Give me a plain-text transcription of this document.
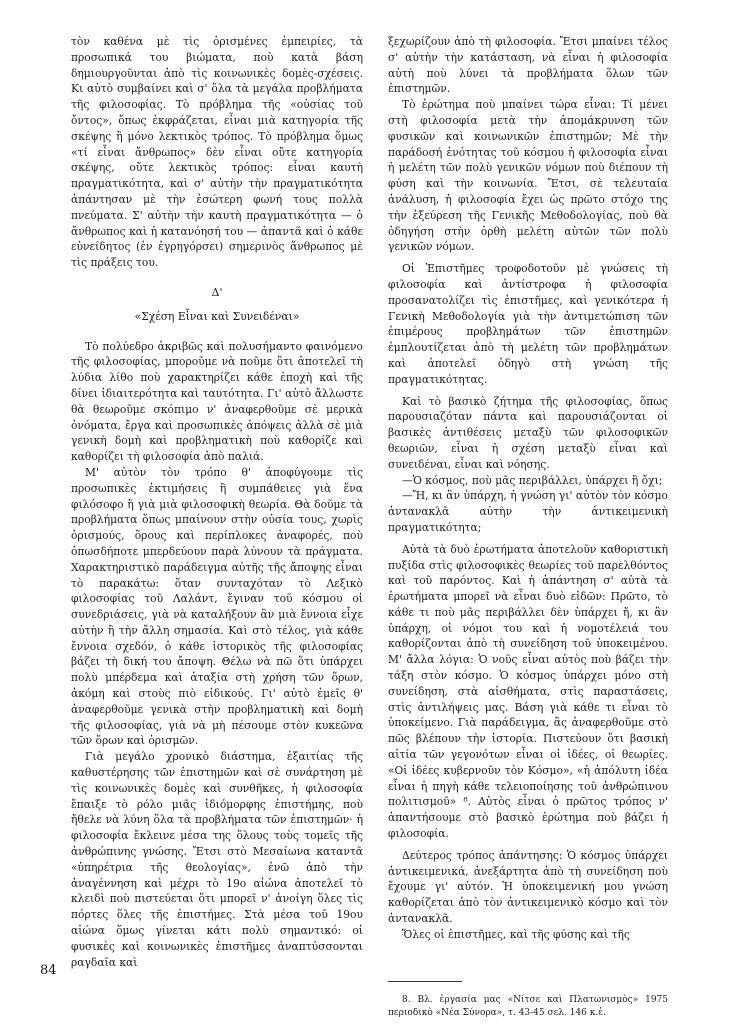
τὸν καθένα μὲ τὶς ὁρισμένες ἐμπειρίες, τὰ προσωπικά του βιώματα, ποὺ κατὰ βάση δημιουργοῦνται ἀπὸ τὶς κοινωνικὲς δομὲς-σχέσεις. Κι αὐτὸ συμβαίνει καὶ σ' ὅλα τὰ μεγάλα προβλήματα τῆς φιλοσοφίας. Τὸ πρόβλημα τῆς «οὐσίας τοῦ ὄντος», ὅπως ἐκφράζεται, εἶναι μιὰ κατηγορία τῆς σκέψης ἢ μόνο λεκτικὸς τρόπος. Τὸ πρόβλημα ὅμως «τί εἶναι ἄνθρωπος» δὲν εἶναι οὔτε κατηγορία σκέψης, οὔτε λεκτικὸς τρόπος: εἶναι καυτὴ πραγματικότητα, καὶ σ' αὐτὴν τὴν πραγματικότητα ἀπάντησαν μὲ τὴν ἐσώτερη φωνή τους πολλὰ πνεύματα. Σ' αὐτὴν τὴν καυτὴ πραγματικότητα — ὁ ἄνθρωπος καὶ ἡ κατανόησή του — ἀπαντᾶ καὶ ὁ κάθε εὐνείδητος (ἐν ἐγρηγόρσει) σημερινὸς ἄνθρωπος μὲ τὶς πράξεις του.

Δ'
«Σχέση Εἶναι καὶ Συνειδέναι»

Τὸ πολύεδρο ἀκριβῶς καὶ πολυσήμαντο φαινόμενο τῆς φιλοσοφίας, μποροῦμε νὰ ποῦμε ὅτι ἀποτελεῖ τὴ λύδια λίθο ποὺ χαρακτηρίζει κάθε ἐποχὴ καὶ τῆς δίνει ἰδιαιτερότητα καὶ ταυτότητα. Γι' αὐτὸ ἄλλωστε θὰ θεωροῦμε σκόπιμο ν' ἀναφερθοῦμε σὲ μερικὰ ὀνόματα, ἔργα καὶ προσωπικὲς ἀπόψεις ἀλλὰ σὲ μιὰ γενικὴ δομὴ καὶ προβληματικὴ ποὺ καθορίζε καὶ καθορίζει τὴ φιλοσοφία ἀπὸ παλιά.

Μ' αὐτὸν τὸν τρόπο θ' ἀποφύγουμε τὶς προσωπικὲς ἐκτιμήσεις ἢ συμπάθειες γιὰ ἕνα φιλόσοφο ἢ γιὰ μιὰ φιλοσοφικὴ θεωρία. Θὰ δοῦμε τὰ προβλήματα ὅπως μπαίνουν στὴν οὐσία τους, χωρὶς ὁρισμούς, ὅρους καὶ περίπλοκες ἀναφορές, ποὺ ὁπωσδήποτε μπερδεύουν παρὰ λύνουν τὰ πράγματα. Χαρακτηριστικὸ παράδειγμα αὐτῆς τῆς ἄποψης εἶναι τὸ παρακάτω: ὅταν συνταχόταν τὸ Λεξικὸ φιλοσοφίας τοῦ Λαλάντ, ἔγιναν τοῦ κόσμου οἱ συνεδριάσεις, γιὰ νὰ καταλήξουν ἂν μιὰ ἔννοια εἶχε αὐτὴν ἢ τὴν ἄλλη σημασία. Καὶ στὸ τέλος, γιὰ κάθε ἔννοια σχεδόν, ὁ κάθε ἱστορικὸς τῆς φιλοσοφίας βάζει τὴ δική του ἄποψη. Θέλω νὰ πῶ ὅτι ὑπάρχει πολὺ μπέρδεμα καὶ ἀταξία στὴ χρήση τῶν ὅρων, ἀκόμη καὶ στοὺς πιὸ εἰδικούς. Γι' αὐτὸ ἐμεῖς θ' ἀναφερθοῦμε γενικὰ στὴν προβληματικὴ καὶ δομὴ τῆς φιλοσοφίας, γιὰ νὰ μὴ πέσουμε στὸν κυκεῶνα τῶν ὅρων καὶ ὁρισμῶν.

Γιὰ μεγάλο χρονικὸ διάστημα, ἐξαιτίας τῆς καθυστέρησης τῶν ἐπιστημῶν καὶ σὲ συνάρτηση μὲ τὶς κοινωνικὲς δομὲς καὶ συνθῆκες, ἡ φιλοσοφία ἔπαιξε τὸ ρόλο μιᾶς ἰδιόμορφης ἐπιστήμης, ποὺ ἤθελε νὰ λύνη ὅλα τὰ προβλήματα τῶν ἐπιστημῶν· ἡ φιλοσοφία ἔκλεινε μέσα της ὅλους τοὺς τομεῖς τῆς ἀνθρώπινης γνώσης. Ἔτσι στὸ Μεσαίωνα καταντᾶ «ὑπηρέτρια τῆς θεολογίας», ἐνῶ ἀπὸ τὴν ἀναγέννηση καὶ μέχρι τὸ 19ο αἰώνα ἀποτελεῖ τὸ κλειδὶ ποὺ πιστεύεται ὅτι μπορεῖ ν' ἀνοίγη ὅλες τὶς πόρτες ὅλες τῆς ἐπιστήμες. Στὰ μέσα τοῦ 19ου αἰώνα ὅμως γίνεται κάτι πολὺ σημαντικό: οἱ φυσικὲς καὶ κοινωνικὲς ἐπιστῆμες ἀναπτύσσονται ραγδαῖα καὶ

ξεχωρίζουν ἀπὸ τὴ φιλοσοφία. Ἔτσι μπαίνει τέλος σ' αὐτὴν τὴν κατάσταση, νὰ εἶναι ἡ φιλοσοφία αὐτὴ ποὺ λύνει τὰ προβλήματα ὅλων τῶν ἐπιστημῶν.

Τὸ ἐρώτημα ποὺ μπαίνει τώρα εἶναι: Τί μένει στὴ φιλοσοφία μετὰ τὴν ἀπομάκρυνση τῶν φυσικῶν καὶ κοινωνικῶν ἐπιστημῶν; Μὲ τὴν παράδοσή ἑνότητας τοῦ κόσμου ἡ φιλοσοφία εἶναι ἡ μελέτη τῶν πολὺ γενικῶν νόμων ποὺ διέπουν τὴ φύση καὶ τὴν κοινωνία. Ἔτσι, σὲ τελευταία ἀνάλυση, ἡ φιλοσοφία ἔχει ὡς πρῶτο στόχο της τὴν ἐξεύρεση τῆς Γενικῆς Μεθοδολογίας, ποὺ θὰ ὁδηγήση στὴν ὀρθὴ μελέτη αὐτῶν τῶν πολὺ γενικῶν νόμων.

Οἱ Ἐπιστῆμες τροφοδοτοῦν μὲ γνώσεις τὴ φιλοσοφία καὶ ἀντίστροφα ἡ φιλοσοφία προσανατολίζει τὶς ἐπιστῆμες, καὶ γενικότερα ἡ Γενικὴ Μεθοδολογία γιὰ τὴν ἀντιμετώπιση τῶν ἐπιμέρους προβλημάτων τῶν ἐπιστημῶν ἐμπλουτίζεται ἀπὸ τὴ μελέτη τῶν προβλημάτων καὶ ἀποτελεῖ ὁδηγὸ στὴ γνώση τῆς πραγματικότητας.

Καὶ τὸ βασικὸ ζήτημα τῆς φιλοσοφίας, ὅπως παρουσιαζόταν πάντα καὶ παρουσιάζονται οἱ βασικὲς ἀντιθέσεις μεταξὺ τῶν φιλοσοφικῶν θεωριῶν, εἶναι ἡ σχέση μεταξὺ εἶναι καὶ συνειδέναι, εἶναι καὶ νόησης.

—Ὁ κόσμος, ποὺ μᾶς περιβάλλει, ὑπάρχει ἢ ὄχι;

—Ἤ, κι ἂν ὑπάρχη, ἡ γνώση γι' αὐτὸν τὸν κόσμο ἀντανακλᾶ αὐτὴν τὴν ἀντικειμενικὴ πραγματικότητα;

Αὐτὰ τὰ δυὸ ἐρωτήματα ἀποτελοῦν καθοριστικὴ πυξίδα στὶς φιλοσοφικὲς θεωρίες τοῦ παρελθόντος καὶ τοῦ παρόντος. Καὶ ἡ ἀπάντηση σ' αὐτὰ τὰ ἐρωτήματα μπορεῖ νὰ εἶναι δυὸ εἰδῶν: Πρῶτο, τὸ κάθε τι ποὺ μᾶς περιβάλλει δὲν ὑπάρχει ἤ, κι ἂν ὑπάρχη, οἱ νόμοι του καὶ ἡ νομοτέλειά του καθορίζονται ἀπὸ τὴ συνείδηση τοῦ ὑποκειμένου. Μ' ἄλλα λόγια: Ὁ νοῦς εἶναι αὐτὸς ποὺ βάζει τὴν τάξη στὸν κόσμο. Ὁ κόσμος ὑπάρχει μόνο στὴ συνείδηση, στὰ αἰσθήματα, στὶς παραστάσεις, στὶς ἀντιλήψεις μας. Βάση γιὰ κάθε τι εἶναι τὸ ὑποκείμενο. Γιὰ παράδειγμα, ἂς ἀναφερθοῦμε στὸ πῶς βλέπουν τὴν ἱστορία. Πιστεύουν ὅτι βασικὴ αἰτία τῶν γεγονότων εἶναι οἱ ἰδέες, οἱ θεωρίες. «Οἱ ἰδέες κυβερνοῦν τὸν Κόσμο», «ἡ ἀπόλυτη ἰδέα εἶναι ἡ πηγὴ κάθε τελειοποίησης τοῦ ἀνθρώπινου πολιτισμοῦ» ⁸. Αὐτὸς εἶναι ὁ πρῶτος τρόπος ν' ἀπαντήσουμε στὸ βασικὸ ἐρώτημα ποὺ βάζει ἡ φιλοσοφία.

Δεύτερος τρόπος ἀπάντησης: Ὁ κόσμος ὑπάρχει ἀντικειμενικά, ἀνεξάρτητα ἀπὸ τὴ συνείδηση ποὺ ἔχουμε γι' αὐτόν. Ἡ ὑποκειμενική μου γνώση καθορίζεται ἀπὸ τὸν ἀντικειμενικὸ κόσμο καὶ τὸν ἀντανακλᾶ.

Ὅλες οἱ ἐπιστῆμες, καὶ τῆς φύσης καὶ τῆς

8. Βλ. ἐργασία μας «Νίτσε καὶ Πλατωνισμὸς» 1975 περιοδικὸ «Νέα Σύνορα», τ. 43-45 σελ. 146 κ.ἑ.

84
